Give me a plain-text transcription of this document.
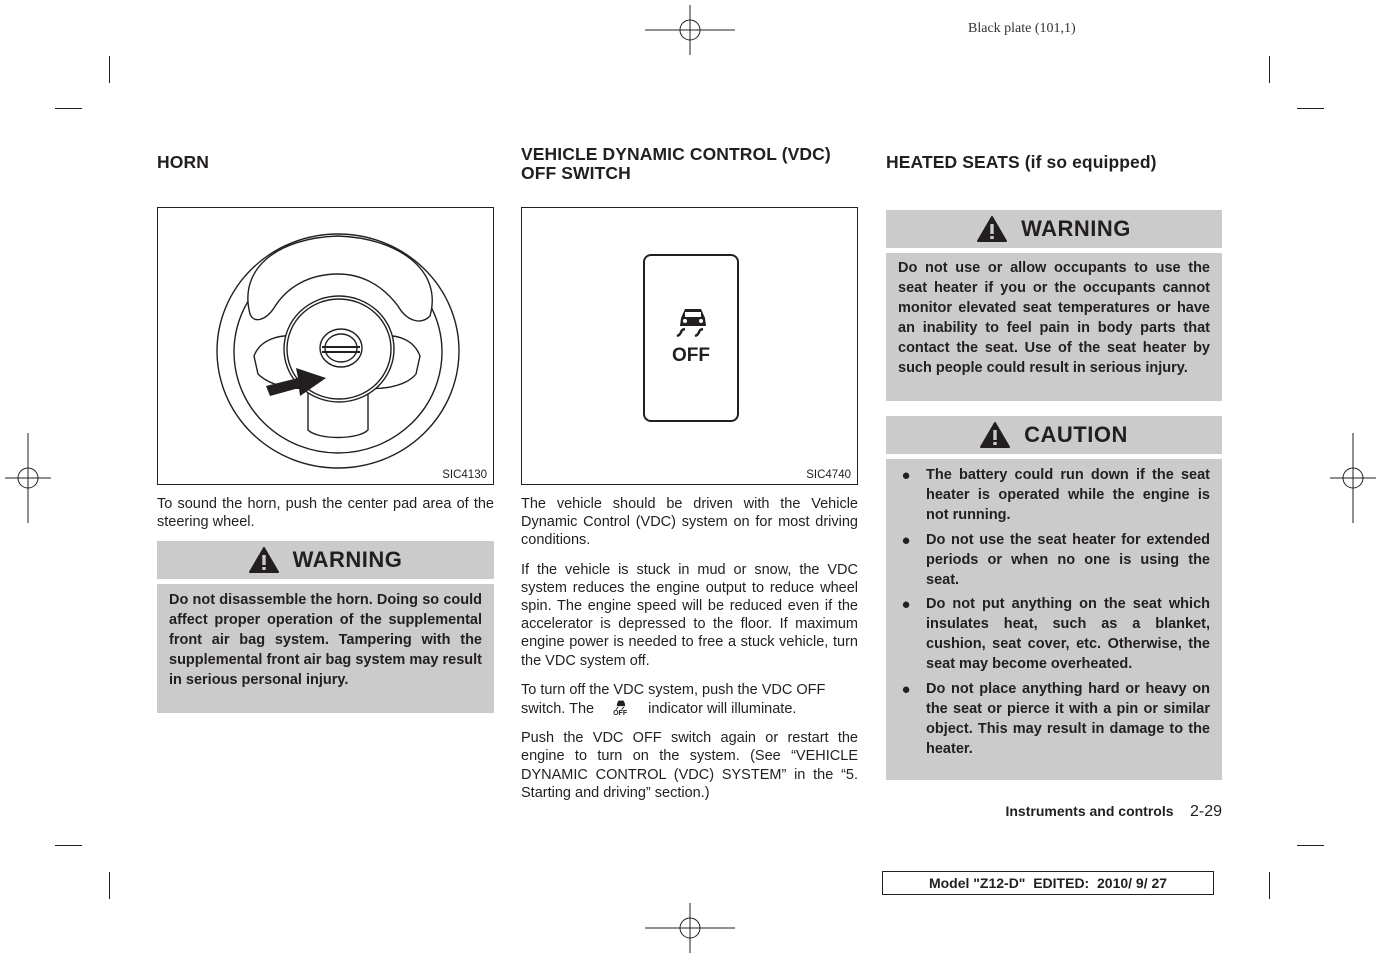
Black plate (101,1)
HORN
SIC4130
To sound the horn, push the center pad area of the steering wheel.
WARNING
Do not disassemble the horn. Doing so could affect proper operation of the supplemental front air bag system. Tampering with the supplemental front air bag system may result in serious personal injury.
VEHICLE DYNAMIC CONTROL (VDC)
OFF SWITCH
OFF
SIC4740

The vehicle should be driven with the Vehicle Dynamic Control (VDC) system on for most driving conditions.

If the vehicle is stuck in mud or snow, the VDC system reduces the engine output to reduce wheel spin. The engine speed will be reduced even if the accelerator is depressed to the floor. If maximum engine power is needed to free a stuck vehicle, turn the VDC system off.

To turn off the VDC system, push the VDC OFF switch. The	OFF indicator will illuminate.

Push the VDC OFF switch again or restart the engine to turn on the system. (See “VEHICLE DYNAMIC CONTROL (VDC) SYSTEM” in the “5. Starting and driving” section.)

HEATED SEATS (if so equipped)
WARNING
Do not use or allow occupants to use the seat heater if you or the occupants cannot monitor elevated seat temperatures or have an inability to feel pain in body parts that contact the seat. Use of the seat heater by such people could result in serious injury.
CAUTION
● The battery could run down if the seat heater is operated while the engine is not running.
● Do not use the seat heater for extended periods or when no one is using the seat.
● Do not put anything on the seat which insulates heat, such as a blanket, cushion, seat cover, etc. Otherwise, the seat may become overheated.
● Do not place anything hard or heavy on the seat or pierce it with a pin or similar object. This may result in damage to the heater.
Instruments and controls 2-29
Model "Z12-D"  EDITED:  2010/ 9/ 27
